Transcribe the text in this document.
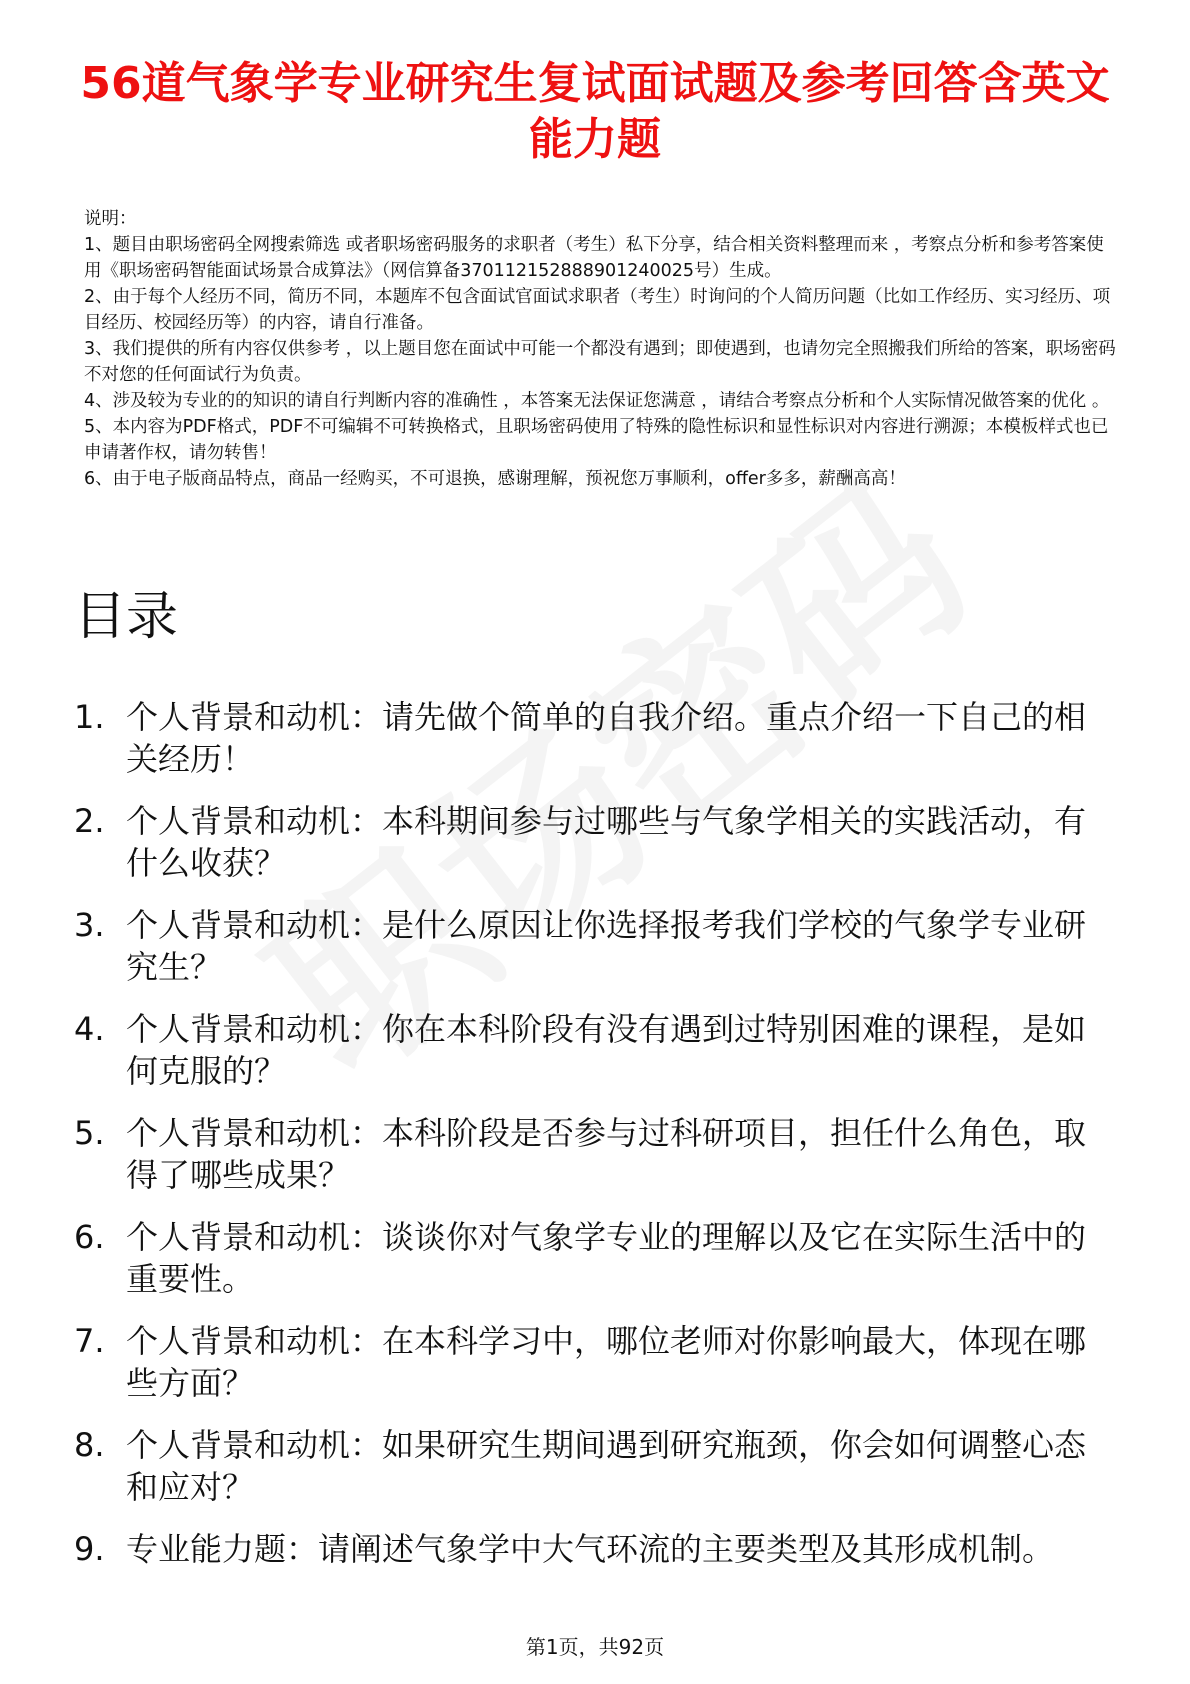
56道气象学专业研究生复试面试题及参考回答含英文能力题
说明：
1、题目由职场密码全网搜索筛选 或者职场密码服务的求职者（考生）私下分享，结合相关资料整理而来 ，考察点分析和参考答案使用《职场密码智能面试场景合成算法》（网信算备370112152888901240025号）生成。
2、由于每个人经历不同，简历不同，本题库不包含面试官面试求职者（考生）时询问的个人简历问题（比如工作经历、实习经历、项目经历、校园经历等）的内容，请自行准备。
3、我们提供的所有内容仅供参考 ，以上题目您在面试中可能一个都没有遇到；即使遇到，也请勿完全照搬我们所给的答案，职场密码不对您的任何面试行为负责。
4、涉及较为专业的的知识的请自行判断内容的准确性 ，本答案无法保证您满意 ，请结合考察点分析和个人实际情况做答案的优化 。
5、本内容为PDF格式，PDF不可编辑不可转换格式，且职场密码使用了特殊的隐性标识和显性标识对内容进行溯源；本模板样式也已申请著作权，请勿转售！
6、由于电子版商品特点，商品一经购买，不可退换，感谢理解，预祝您万事顺利，offer多多，薪酬高高！
目录
1. 个人背景和动机：请先做个简单的自我介绍。重点介绍一下自己的相关经历！
2. 个人背景和动机：本科期间参与过哪些与气象学相关的实践活动，有什么收获？
3. 个人背景和动机：是什么原因让你选择报考我们学校的气象学专业研究生？
4. 个人背景和动机：你在本科阶段有没有遇到过特别困难的课程，是如何克服的？
5. 个人背景和动机：本科阶段是否参与过科研项目，担任什么角色，取得了哪些成果？
6. 个人背景和动机：谈谈你对气象学专业的理解以及它在实际生活中的重要性。
7. 个人背景和动机：在本科学习中，哪位老师对你影响最大，体现在哪些方面？
8. 个人背景和动机：如果研究生期间遇到研究瓶颈，你会如何调整心态和应对？
9. 专业能力题：请阐述气象学中大气环流的主要类型及其形成机制。
第1页，共92页
